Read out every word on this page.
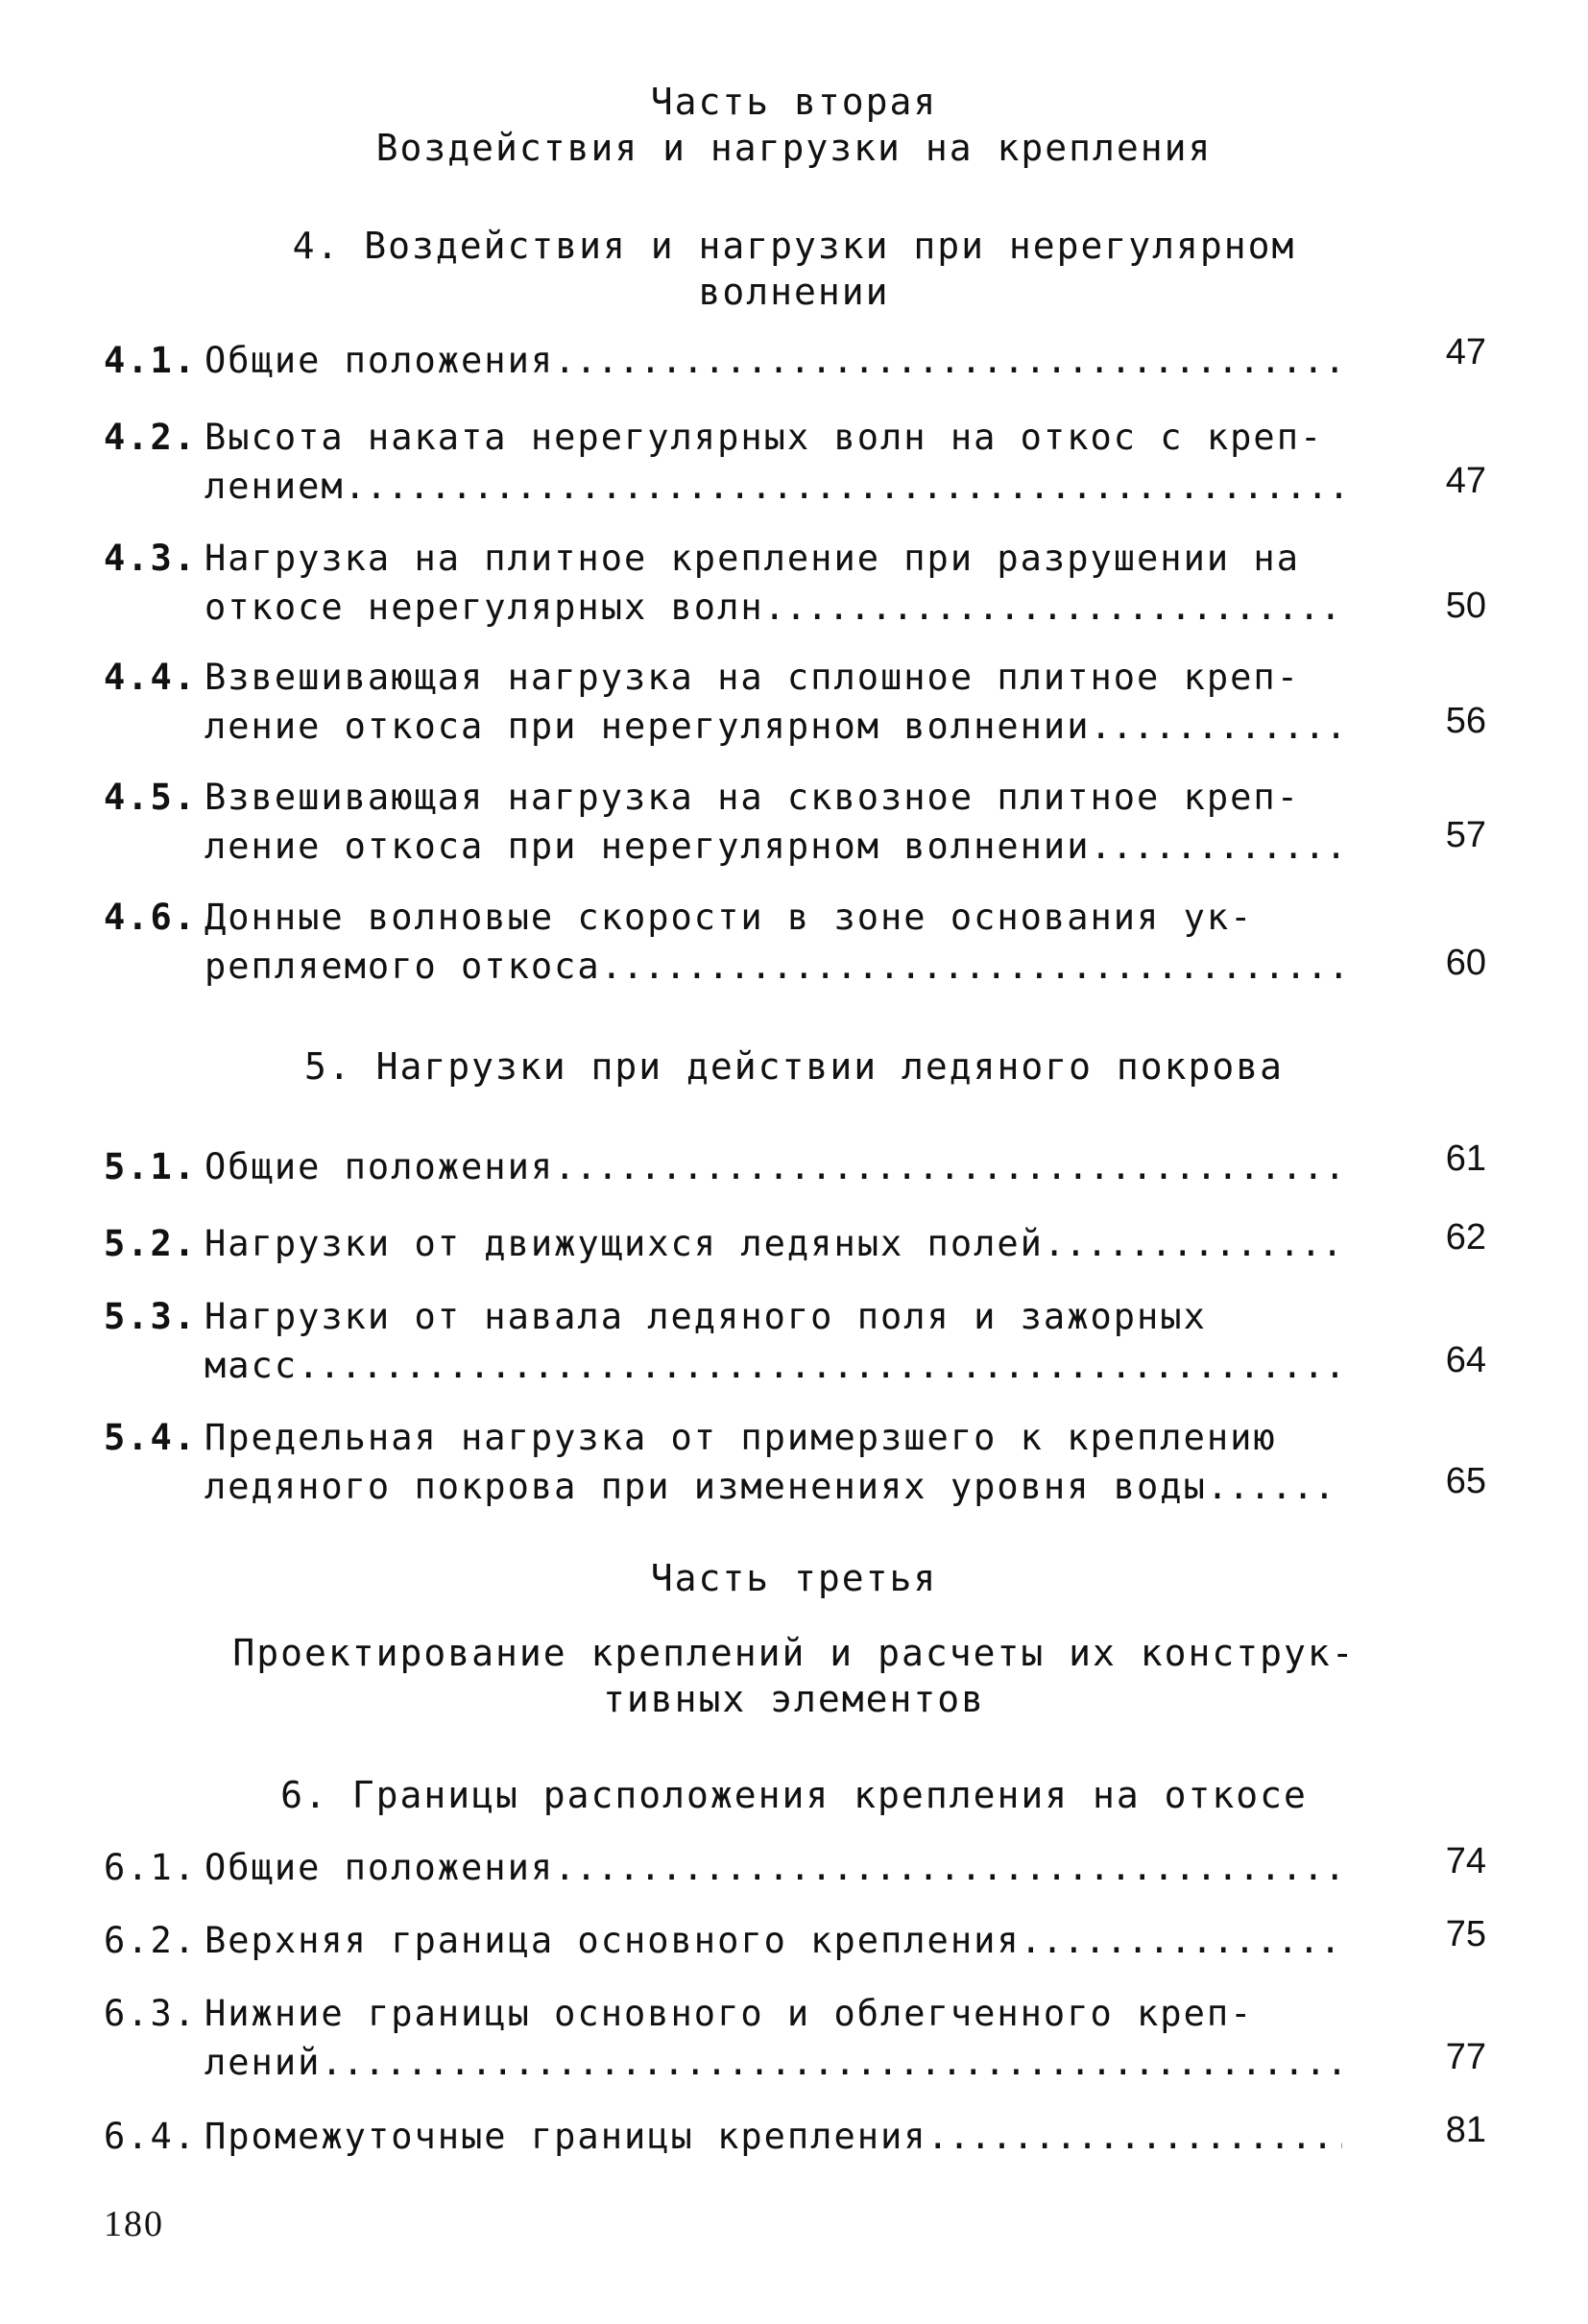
Часть вторая
Воздействия и нагрузки на крепления
4. Воздействия и нагрузки при нерегулярном
волнении
4.1. Общие положения .....	47
4.2. Высота наката нерегулярных волн на откос с креп-
лением .....	47
4.3. Нагрузка на плитное крепление при разрушении на
откосе нерегулярных волн .....	50
4.4. Взвешивающая нагрузка на сплошное плитное креп-
ление откоса при нерегулярном волнении .....	56
4.5. Взвешивающая нагрузка на сквозное плитное креп-
ление откоса при нерегулярном волнении .....	57
4.6. Донные волновые скорости в зоне основания ук-
репляемого откоса .....	60
5. Нагрузки при действии ледяного покрова
5.1. Общие положения .....	61
5.2. Нагрузки от движущихся ледяных полей .....	62
5.3. Нагрузки от навала ледяного поля и зажорных
масс .....	64
5.4. Предельная нагрузка от примерзшего к креплению
ледяного покрова при изменениях уровня воды .....	65
Часть третья
Проектирование креплений и расчеты их конструк-
тивных элементов
6. Границы расположения крепления на откосе
6.1. Общие положения .....	74
6.2. Верхняя граница основного крепления .....	75
6.3. Нижние границы основного и облегченного креп-
лений .....	77
6.4. Промежуточные границы крепления .....	81
180
